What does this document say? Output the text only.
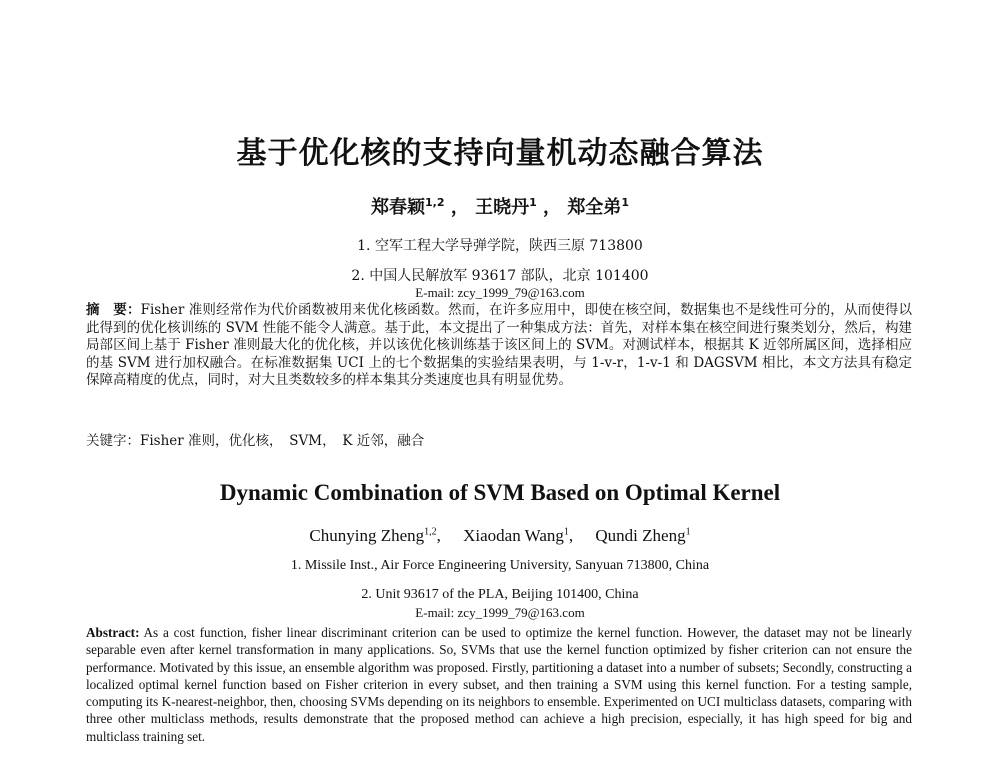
基于优化核的支持向量机动态融合算法
郑春颖$^{1,2}$ ， 王晓丹$^1$ ， 郑全弟$^1$
1. 空军工程大学导弹学院，陕西三原 713800
2. 中国人民解放军 93617 部队，北京 101400
E-mail: zcy_1999_79@163.com
摘　要：Fisher 准则经常作为代价函数被用来优化核函数。然而，在许多应用中，即使在核空间，数据集也不是线性可分的，从而使得以此得到的优化核训练的 SVM 性能不能令人满意。基于此，本文提出了一种集成方法：首先，对样本集在核空间进行聚类划分，然后，构建局部区间上基于 Fisher 准则最大化的优化核，并以该优化核训练基于该区间上的 SVM。对测试样本，根据其 K 近邻所属区间，选择相应的基 SVM 进行加权融合。在标准数据集 UCI 上的七个数据集的实验结果表明，与 1-v-r，1-v-1 和 DAGSVM 相比，本文方法具有稳定保障高精度的优点，同时，对大且类数较多的样本集其分类速度也具有明显优势。
关键字：Fisher 准则，优化核，　SVM，　K 近邻，融合
Dynamic Combination of SVM Based on Optimal Kernel
Chunying Zheng$^{1,2}$, Xiaodan Wang$^1$, Qundi Zheng$^1$
1. Missile Inst., Air Force Engineering University, Sanyuan 713800, China
2. Unit 93617 of the PLA, Beijing 101400, China
E-mail: zcy_1999_79@163.com
Abstract: As a cost function, fisher linear discriminant criterion can be used to optimize the kernel function. However, the dataset may not be linearly separable even after kernel transformation in many applications. So, SVMs that use the kernel function optimized by fisher criterion can not ensure the performance. Motivated by this issue, an ensemble algorithm was proposed. Firstly, partitioning a dataset into a number of subsets; Secondly, constructing a localized optimal kernel function based on Fisher criterion in every subset, and then training a SVM using this kernel function. For a testing sample, computing its K-nearest-neighbor, then, choosing SVMs depending on its neighbors to ensemble. Experimented on UCI multiclass datasets, comparing with three other multiclass methods, results demonstrate that the proposed method can achieve a high precision, especially, it has high speed for big and multiclass training set.
